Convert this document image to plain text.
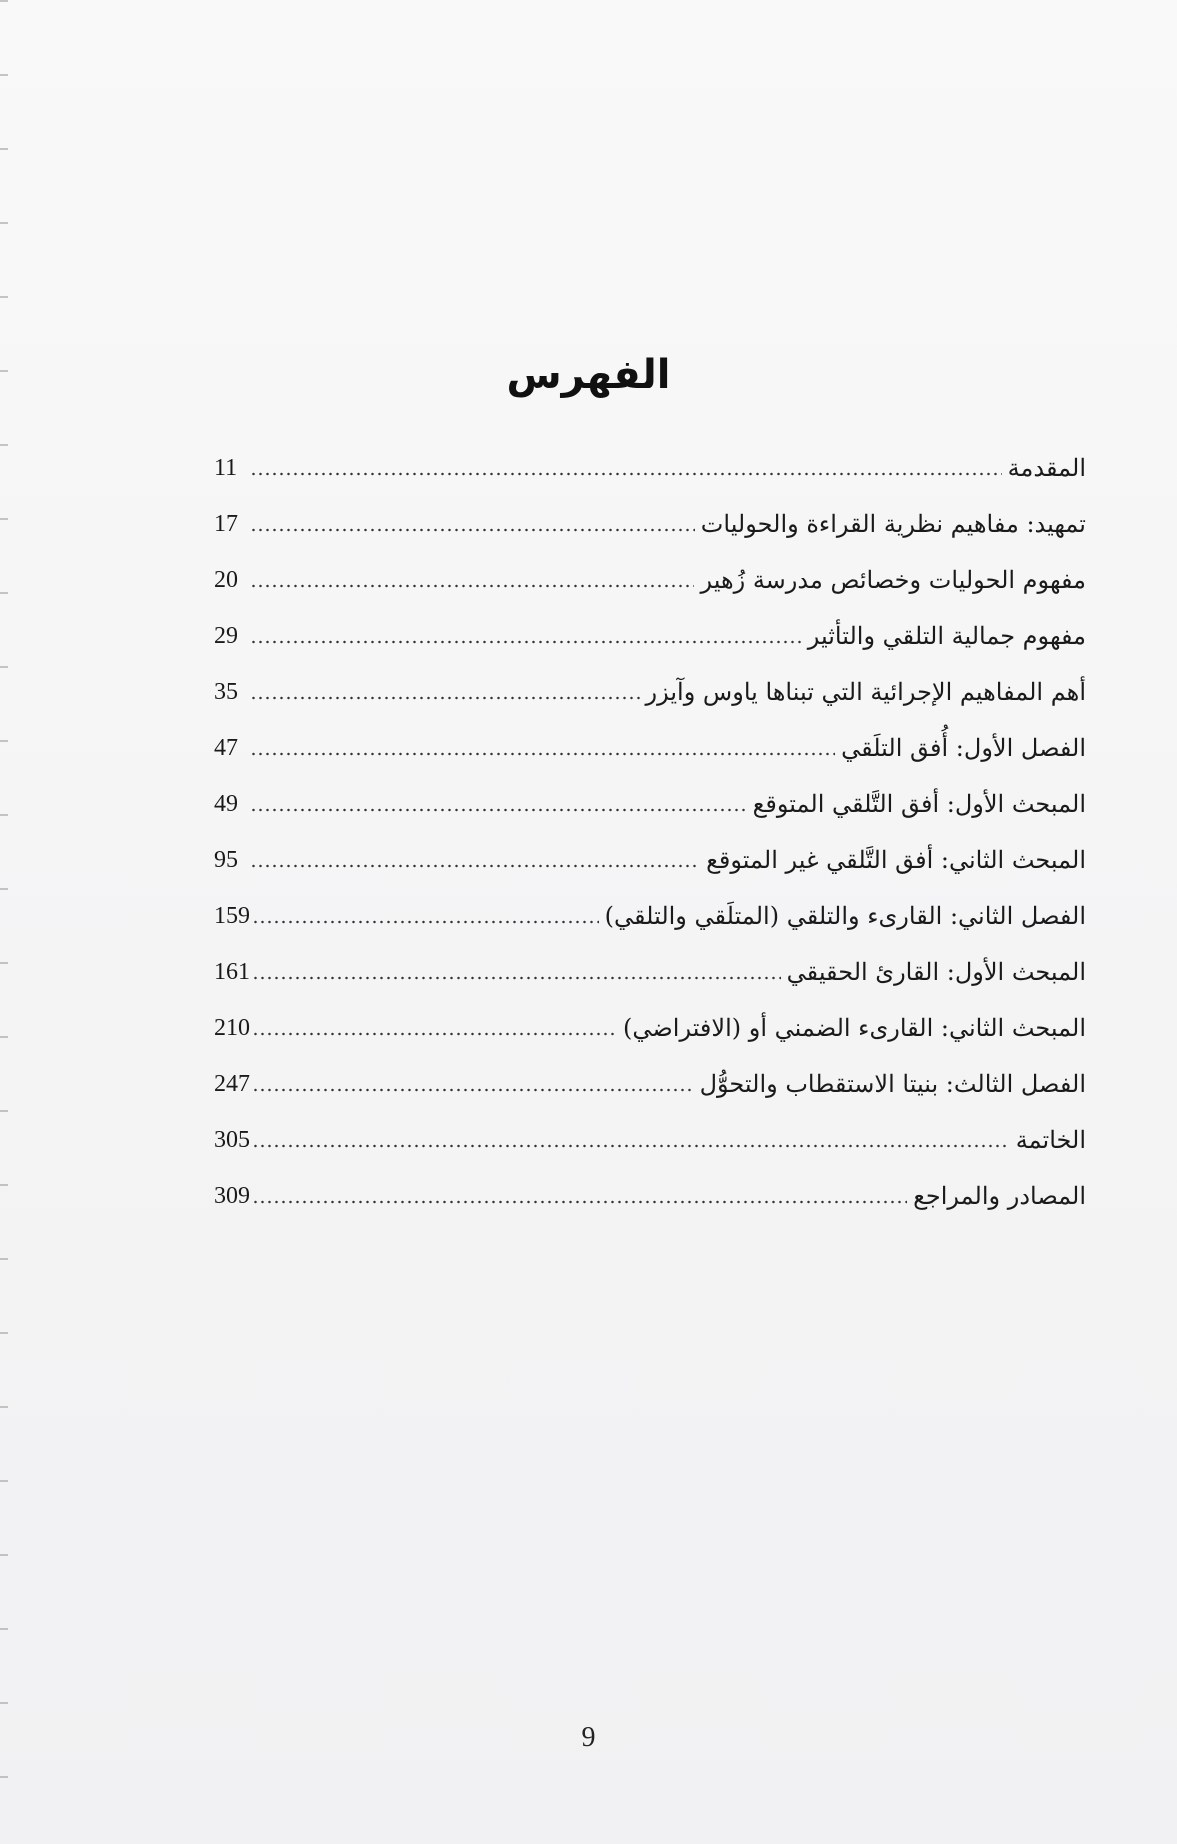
الفهرس
المقدمة
11
تمهيد: مفاهيم نظرية القراءة والحوليات
17
مفهوم الحوليات وخصائص مدرسة زُهير
20
مفهوم جمالية التلقي والتأثير
29
أهم المفاهيم الإجرائية التي تبناها ياوس وآيزر
35
الفصل الأول: أُفق التلَقي
47
المبحث الأول: أفق التَّلقي المتوقع
49
المبحث الثاني: أفق التَّلقي غير المتوقع
95
الفصل الثاني: القارىء والتلقي (المتلَقي والتلقي)
159
المبحث الأول: القارئ الحقيقي
161
المبحث الثاني: القارىء الضمني أو (الافتراضي)
210
الفصل الثالث: بنيتا الاستقطاب والتحوُّل
247
الخاتمة
305
المصادر والمراجع
309
9
